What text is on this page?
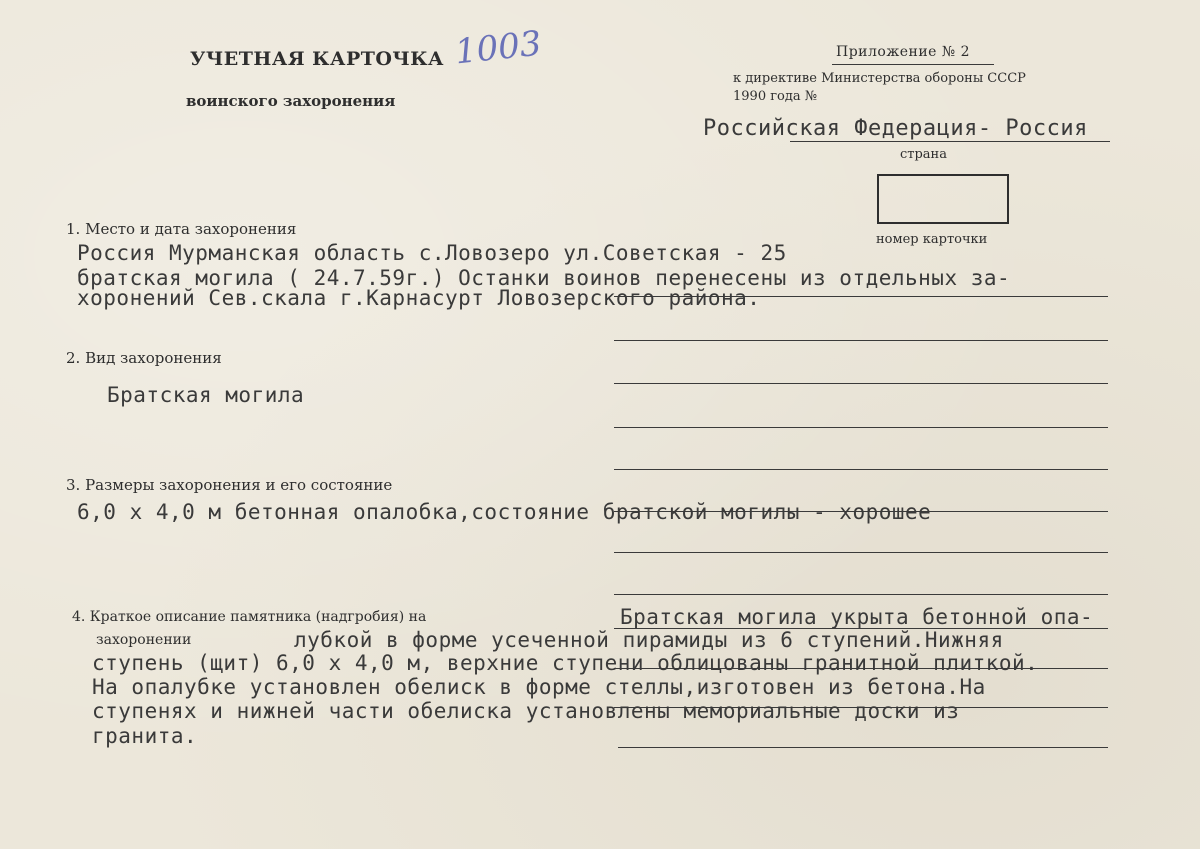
УЧЕТНАЯ КАРТОЧКА
воинского захоронения
1003	Приложение № 2
к директиве Министерства обороны СССР
1990 года №
Российская Федерация- Россия
страна
номер карточки
1. Место и дата захоронения
Россия Мурманская область с.Ловозеро ул.Советская - 25
братская могила ( 24.7.59г.) Останки воинов перенесены из отдельных за-
хоронений Сев.скала г.Карнасурт Ловозерского района.
2. Вид захоронения
Братская могила
3. Размеры захоронения и его состояние
6,0 х 4,0 м бетонная опалобка,состояние братской могилы - хорошее
4. Краткое описание памятника (надгробия) на
захоронении
Братская могила укрыта бетонной опа-
лубкой в форме усеченной пирамиды из 6 ступений.Нижняя
ступень (щит) 6,0 х 4,0 м, верхние ступени облицованы гранитной плиткой.
На опалубке установлен обелиск в форме стеллы,изготовен из бетона.На
ступенях и нижней части обелиска установлены мемориальные доски из
гранита.
